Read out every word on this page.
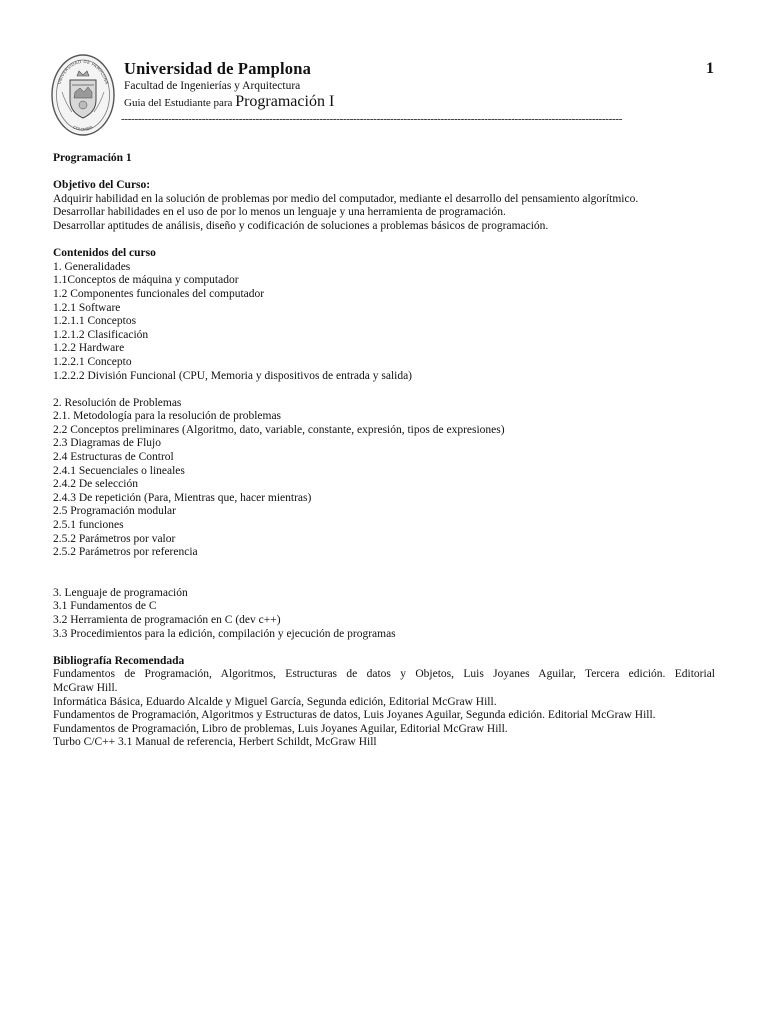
UNIVERSIDAD DE PAMPLONA
COLOMBIA
Universidad de Pamplona	1
Facultad de Ingenierías y Arquitectura
Guia del Estudiante para Programación I
-----------------------------------------------------------------------------------------------------------------------------------------------------
Programación 1
Objetivo del Curso:
Adquirir habilidad en la solución de problemas por medio del computador, mediante el desarrollo del pensamiento algorítmico.
Desarrollar habilidades en el uso de por lo menos un lenguaje y una herramienta de programación.
Desarrollar aptitudes de análisis, diseño y codificación de soluciones a problemas básicos de programación.
Contenidos del curso
1. Generalidades
1.1Conceptos de máquina y computador
1.2 Componentes funcionales del computador
1.2.1 Software
1.2.1.1 Conceptos
1.2.1.2 Clasificación
1.2.2 Hardware
1.2.2.1 Concepto
1.2.2.2 División Funcional (CPU, Memoria y dispositivos de entrada y salida)
2. Resolución de Problemas
2.1. Metodología para la resolución de problemas
2.2 Conceptos preliminares (Algoritmo, dato, variable, constante, expresión, tipos de expresiones)
2.3 Diagramas de Flujo
2.4 Estructuras de Control
2.4.1 Secuenciales o lineales
2.4.2 De selección
2.4.3 De repetición (Para, Mientras que, hacer mientras)
2.5 Programación modular
2.5.1 funciones
2.5.2 Parámetros por valor
2.5.2 Parámetros por referencia
3. Lenguaje de programación
3.1 Fundamentos de C
3.2 Herramienta de programación en C (dev c++)
3.3 Procedimientos para la edición, compilación y ejecución de programas
Bibliografía Recomendada
Fundamentos de Programación, Algoritmos, Estructuras de datos y Objetos, Luis Joyanes Aguilar, Tercera edición. Editorial
McGraw Hill.
Informática Básica, Eduardo Alcalde y Miguel García, Segunda edición, Editorial McGraw Hill.
Fundamentos de Programación, Algoritmos y Estructuras de datos, Luis Joyanes Aguilar, Segunda edición. Editorial McGraw Hill.
Fundamentos de Programación, Libro de problemas, Luis Joyanes Aguilar, Editorial McGraw Hill.
Turbo C/C++ 3.1 Manual de referencia, Herbert Schildt, McGraw Hill
